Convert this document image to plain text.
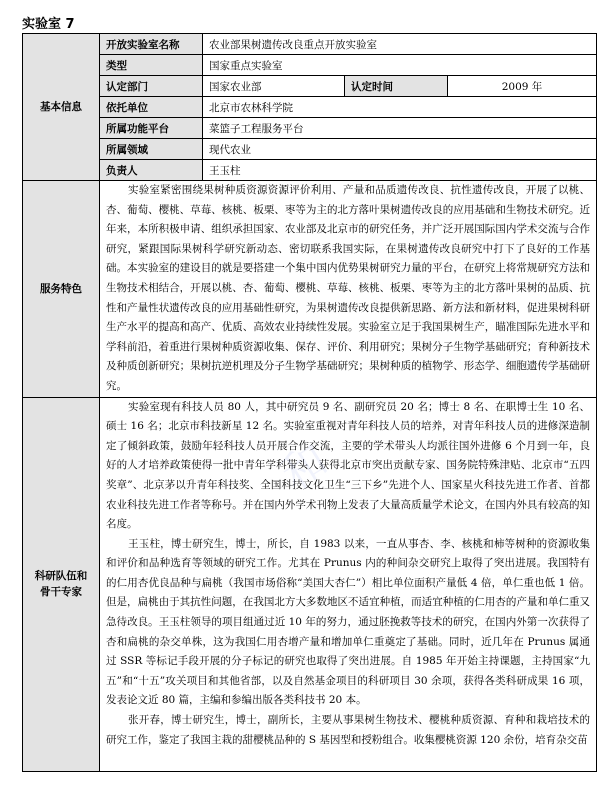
实验室 7
基本信息	开放实验室名称	农业部果树遗传改良重点开放实验室		
	类型	国家重点实验室		
	认定部门	国家农业部	认定时间	2009 年
	依托单位	北京市农林科学院		
	所属功能平台	菜篮子工程服务平台		
	所属领域	现代农业		
	负责人	王玉柱		
服务特色	实验室紧密围绕果树种质资源资源评价利用、产量和品质遗传改良、抗性遗传改良，开展了以桃、杏、葡萄、樱桃、草莓、核桃、板栗、枣等为主的北方落叶果树遗传改良的应用基础和生物技术研究。近年来，本所积极申请、组织承担国家、农业部及北京市的研究任务，并广泛开展国际国内学术交流与合作研究，紧跟国际果树科学研究新动态、密切联系我国实际，在果树遗传改良研究中打下了良好的工作基础。本实验室的建设目的就是要搭建一个集中国内优势果树研究力量的平台，在研究上将常规研究方法和生物技术相结合，开展以桃、杏、葡萄、樱桃、草莓、核桃、板栗、枣等为主的北方落叶果树的品质、抗性和产量性状遗传改良的应用基础性研究，为果树遗传改良提供新思路、新方法和新材料，促进果树科研生产水平的提高和高产、优质、高效农业持续性发展。实验室立足于我国果树生产，瞄准国际先进水平和学科前沿，着重进行果树种质资源收集、保存、评价、利用研究；果树分子生物学基础研究；育种新技术及种质创新研究；果树抗逆机理及分子生物学基础研究；果树种质的植物学、形态学、细胞遗传学基础研究。			

科研队伍和骨干专家	实验室现有科技人员 80 人，其中研究员 9 名、副研究员 20 名；博士 8 名、在职博士生 10 名、硕士 16 名；北京市科技新星 12 名。实验室重视对青年科技人员的培养，对青年科技人员的进修深造制定了倾斜政策，鼓励年轻科技人员开展合作交流，主要的学术带头人均派往国外进修 6 个月到一年，良好的人才培养政策使得一批中青年学科带头人获得北京市突出贡献专家、国务院特殊津贴、北京市“五四奖章”、北京茅以升青年科技奖、全国科技文化卫生“三下乡”先进个人、国家星火科技先进工作者、首都农业科技先进工作者等称号。并在国内外学术刊物上发表了大量高质量学术论文，在国内外具有较高的知名度。

王玉柱，博士研究生，博士，所长，自 1983 以来，一直从事杏、李、核桃和柿等树种的资源收集和评价和品种选育等领域的研究工作。尤其在 Prunus 内的种间杂交研究上取得了突出进展。我国特有的仁用杏优良品种与扁桃（我国市场俗称“美国大杏仁”）相比单位面积产量低 4 倍，单仁重也低 1 倍。但是，扁桃由于其抗性问题，在我国北方大多数地区不适宜种植，而适宜种植的仁用杏的产量和单仁重又急待改良。王玉柱领导的项目组通过近 10 年的努力，通过胚挽救等技术的研究，在国内外第一次获得了杏和扁桃的杂交单株，这为我国仁用杏增产量和增加单仁重奠定了基础。同时，近几年在 Prunus 属通过 SSR 等标记手段开展的分子标记的研究也取得了突出进展。自 1985 年开始主持课题，主持国家“九五”和“十五”攻关项目和其他省部，以及自然基金项目的科研项目 30 余项，获得各类科研成果 16 项，发表论文近 80 篇，主编和参编出版各类科技书 20 本。

张开春，博士研究生，博士，副所长，主要从事果树生物技术、樱桃种质资源、育种和栽培技术的研究工作，鉴定了我国主栽的甜樱桃品种的 S 基因型和授粉组合。收集樱桃资源 120 余份，培育杂交苗			

和
